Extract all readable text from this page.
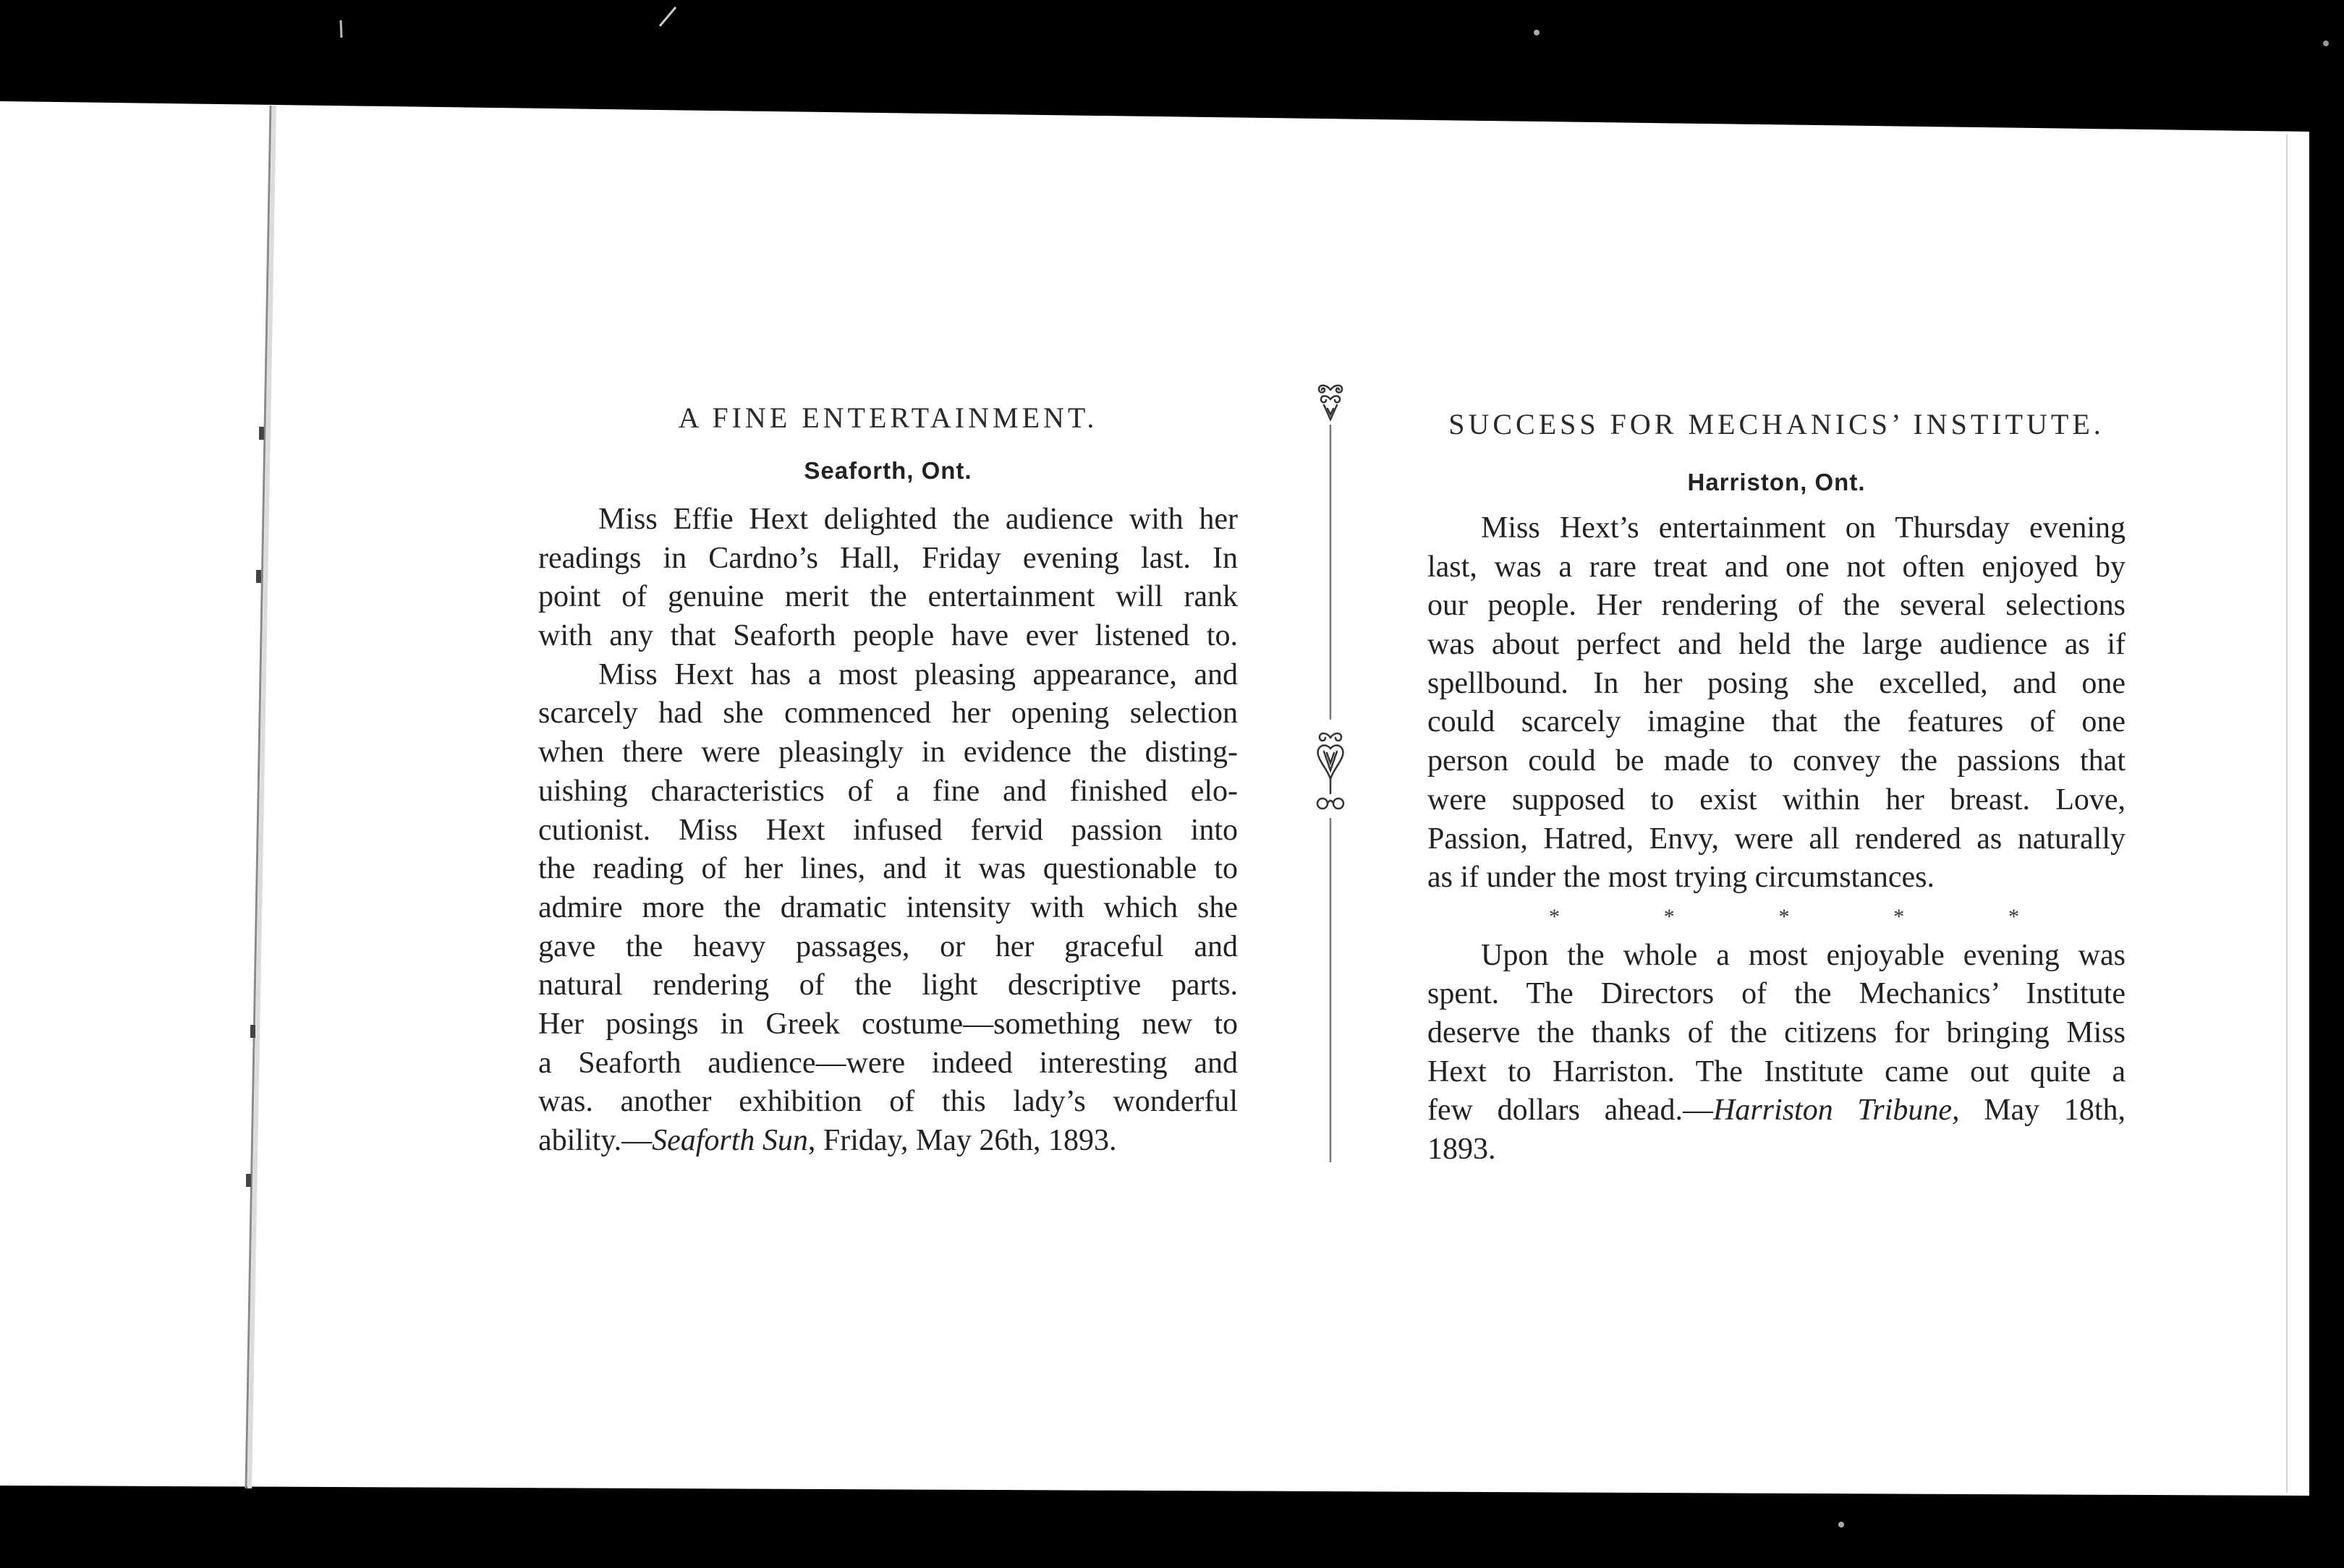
A FINE ENTERTAINMENT.
Seaforth, Ont.
Miss Effie Hext delighted the audience with her
readings in Cardno’s Hall, Friday evening last. In
point of genuine merit the entertainment will rank
with any that Seaforth people have ever listened to.
Miss Hext has a most pleasing appearance, and
scarcely had she commenced her opening selection
when there were pleasingly in evidence the disting-
uishing characteristics of a fine and finished elo-
cutionist. Miss Hext infused fervid passion into
the reading of her lines, and it was questionable to
admire more the dramatic intensity with which she
gave the heavy passages, or her graceful and
natural rendering of the light descriptive parts.
Her posings in Greek costume—something new to
a Seaforth audience—were indeed interesting and
was. another exhibition of this lady’s wonderful
ability.—Seaforth Sun, Friday, May 26th, 1893.
SUCCESS FOR MECHANICS’ INSTITUTE.
Harriston, Ont.
Miss Hext’s entertainment on Thursday evening
last, was a rare treat and one not often enjoyed by
our people. Her rendering of the several selections
was about perfect and held the large audience as if
spellbound. In her posing she excelled, and one
could scarcely imagine that the features of one
person could be made to convey the passions that
were supposed to exist within her breast. Love,
Passion, Hatred, Envy, were all rendered as naturally
as if under the most trying circumstances.
*	*	*	*	*
Upon the whole a most enjoyable evening was
spent. The Directors of the Mechanics’ Institute
deserve the thanks of the citizens for bringing Miss
Hext to Harriston. The Institute came out quite a
few dollars ahead.—Harriston Tribune, May 18th,
1893.
